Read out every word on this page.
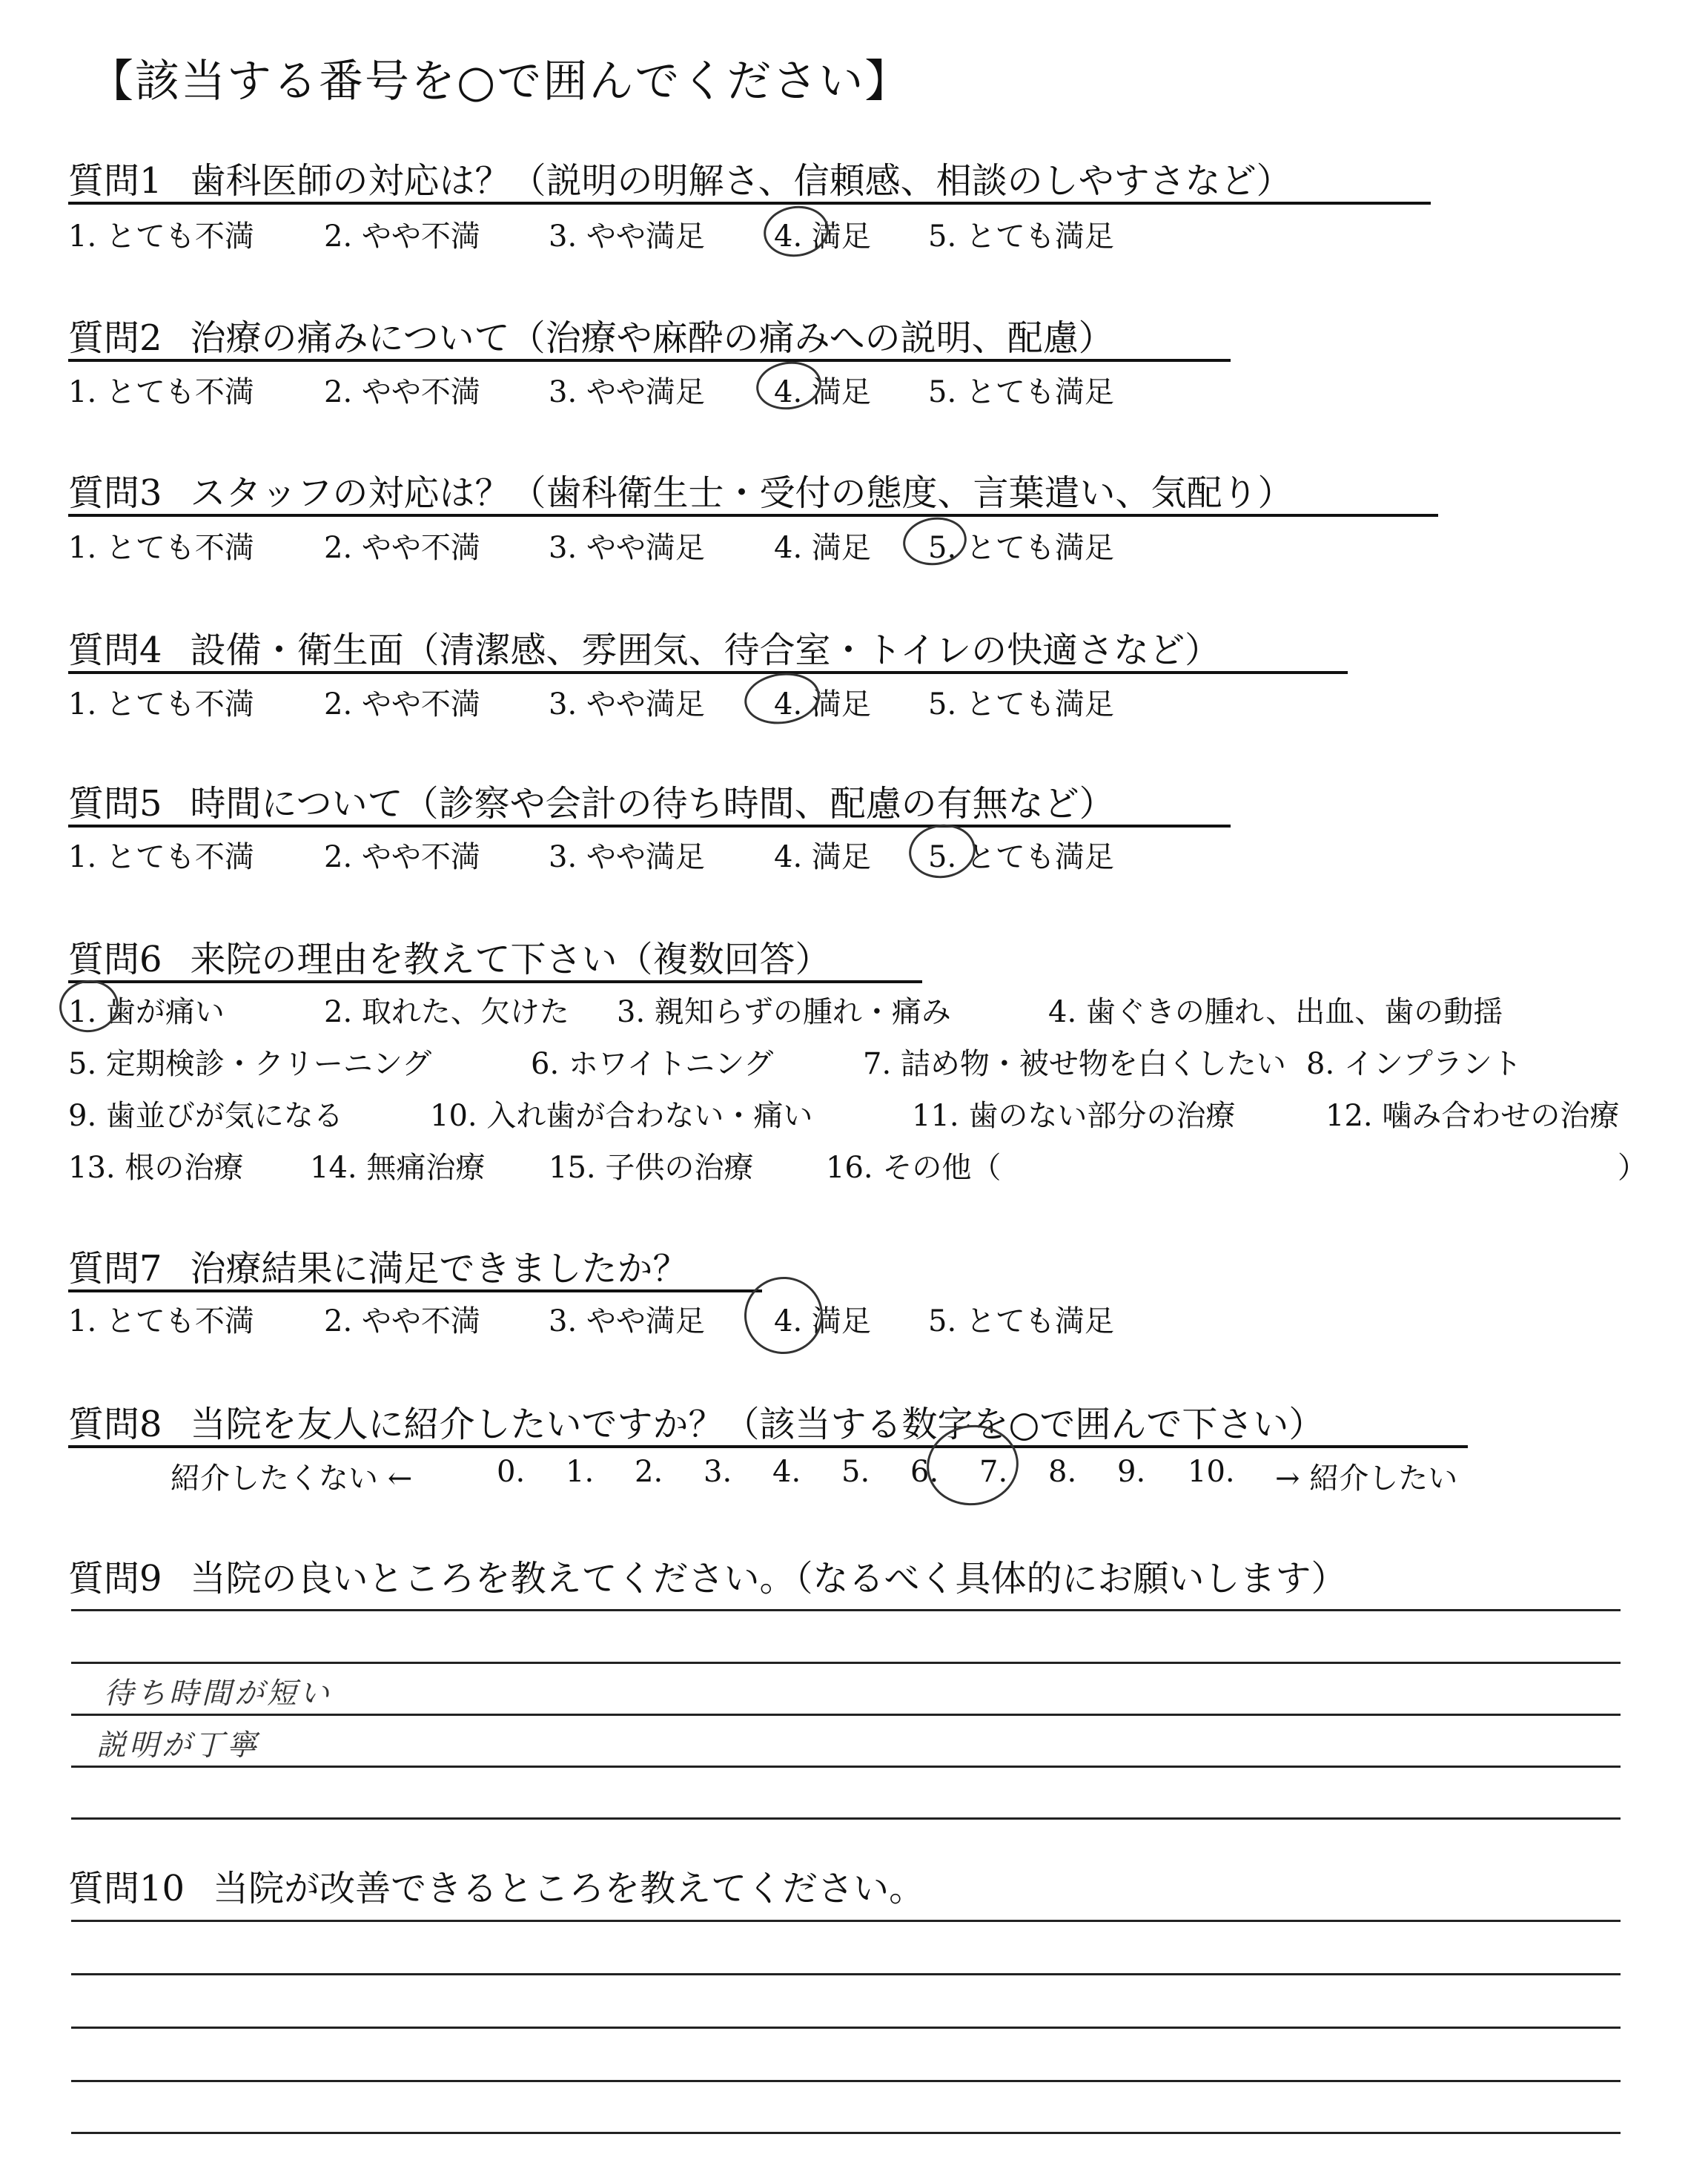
【該当する番号を○で囲んでください】
質問1 歯科医師の対応は？（説明の明解さ、信頼感、相談のしやすさなど）
1. とても不満 2. やや不満 3. やや満足 4. 満足 5. とても満足
質問2 治療の痛みについて（治療や麻酔の痛みへの説明、配慮）
1. とても不満 2. やや不満 3. やや満足 4. 満足 5. とても満足
質問3 スタッフの対応は？（歯科衛生士・受付の態度、言葉遣い、気配り）
1. とても不満 2. やや不満 3. やや満足 4. 満足 5. とても満足
質問4 設備・衛生面（清潔感、雰囲気、待合室・トイレの快適さなど）
1. とても不満 2. やや不満 3. やや満足 4. 満足 5. とても満足
質問5 時間について（診察や会計の待ち時間、配慮の有無など）
1. とても不満 2. やや不満 3. やや満足 4. 満足 5. とても満足
質問6 来院の理由を教えて下さい（複数回答）
1. 歯が痛い	2. 取れた、欠けた 3. 親知らずの腫れ・痛み	4. 歯ぐきの腫れ、出血、歯の動揺
5. 定期検診・クリーニング	6. ホワイトニング	7. 詰め物・被せ物を白くしたい 8. インプラント
9. 歯並びが気になる	10. 入れ歯が合わない・痛い	11. 歯のない部分の治療	12. 噛み合わせの治療
13. 根の治療 14. 無痛治療 15. 子供の治療 16. その他（	）
質問7 治療結果に満足できましたか？
1. とても不満 2. やや不満 3. やや満足 4. 満足 5. とても満足
質問8 当院を友人に紹介したいですか？（該当する数字を○で囲んで下さい）
紹介したくない ←	0. 1. 2. 3. 4. 5. 6. 7. 8. 9. 10. → 紹介したい
質問9 当院の良いところを教えてください。（なるべく具体的にお願いします）
待ち時間が短い
説明が丁寧
質問10 当院が改善できるところを教えてください。
